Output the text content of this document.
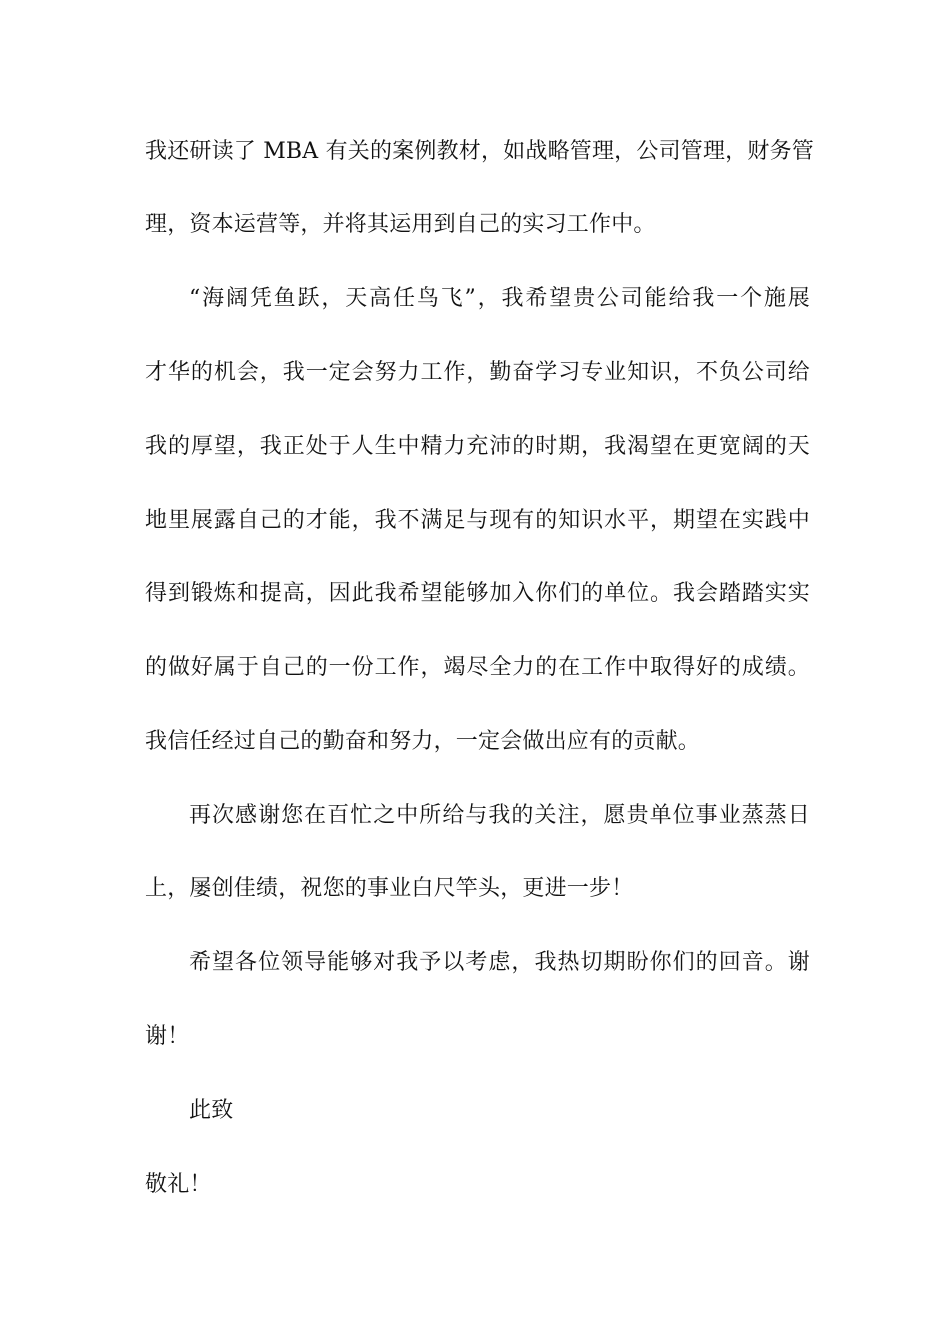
我还研读了 MBA 有关的案例教材，如战略管理，公司管理，财务管
理，资本运营等，并将其运用到自己的实习工作中。
“海阔凭鱼跃，天高任鸟飞”，我希望贵公司能给我一个施展
才华的机会，我一定会努力工作，勤奋学习专业知识，不负公司给
我的厚望，我正处于人生中精力充沛的时期，我渴望在更宽阔的天
地里展露自己的才能，我不满足与现有的知识水平，期望在实践中
得到锻炼和提高，因此我希望能够加入你们的单位。我会踏踏实实
的做好属于自己的一份工作，竭尽全力的在工作中取得好的成绩。
我信任经过自己的勤奋和努力，一定会做出应有的贡献。
再次感谢您在百忙之中所给与我的关注，愿贵单位事业蒸蒸日
上，屡创佳绩，祝您的事业白尺竿头，更进一步！
希望各位领导能够对我予以考虑，我热切期盼你们的回音。谢
谢！
此致
敬礼！
